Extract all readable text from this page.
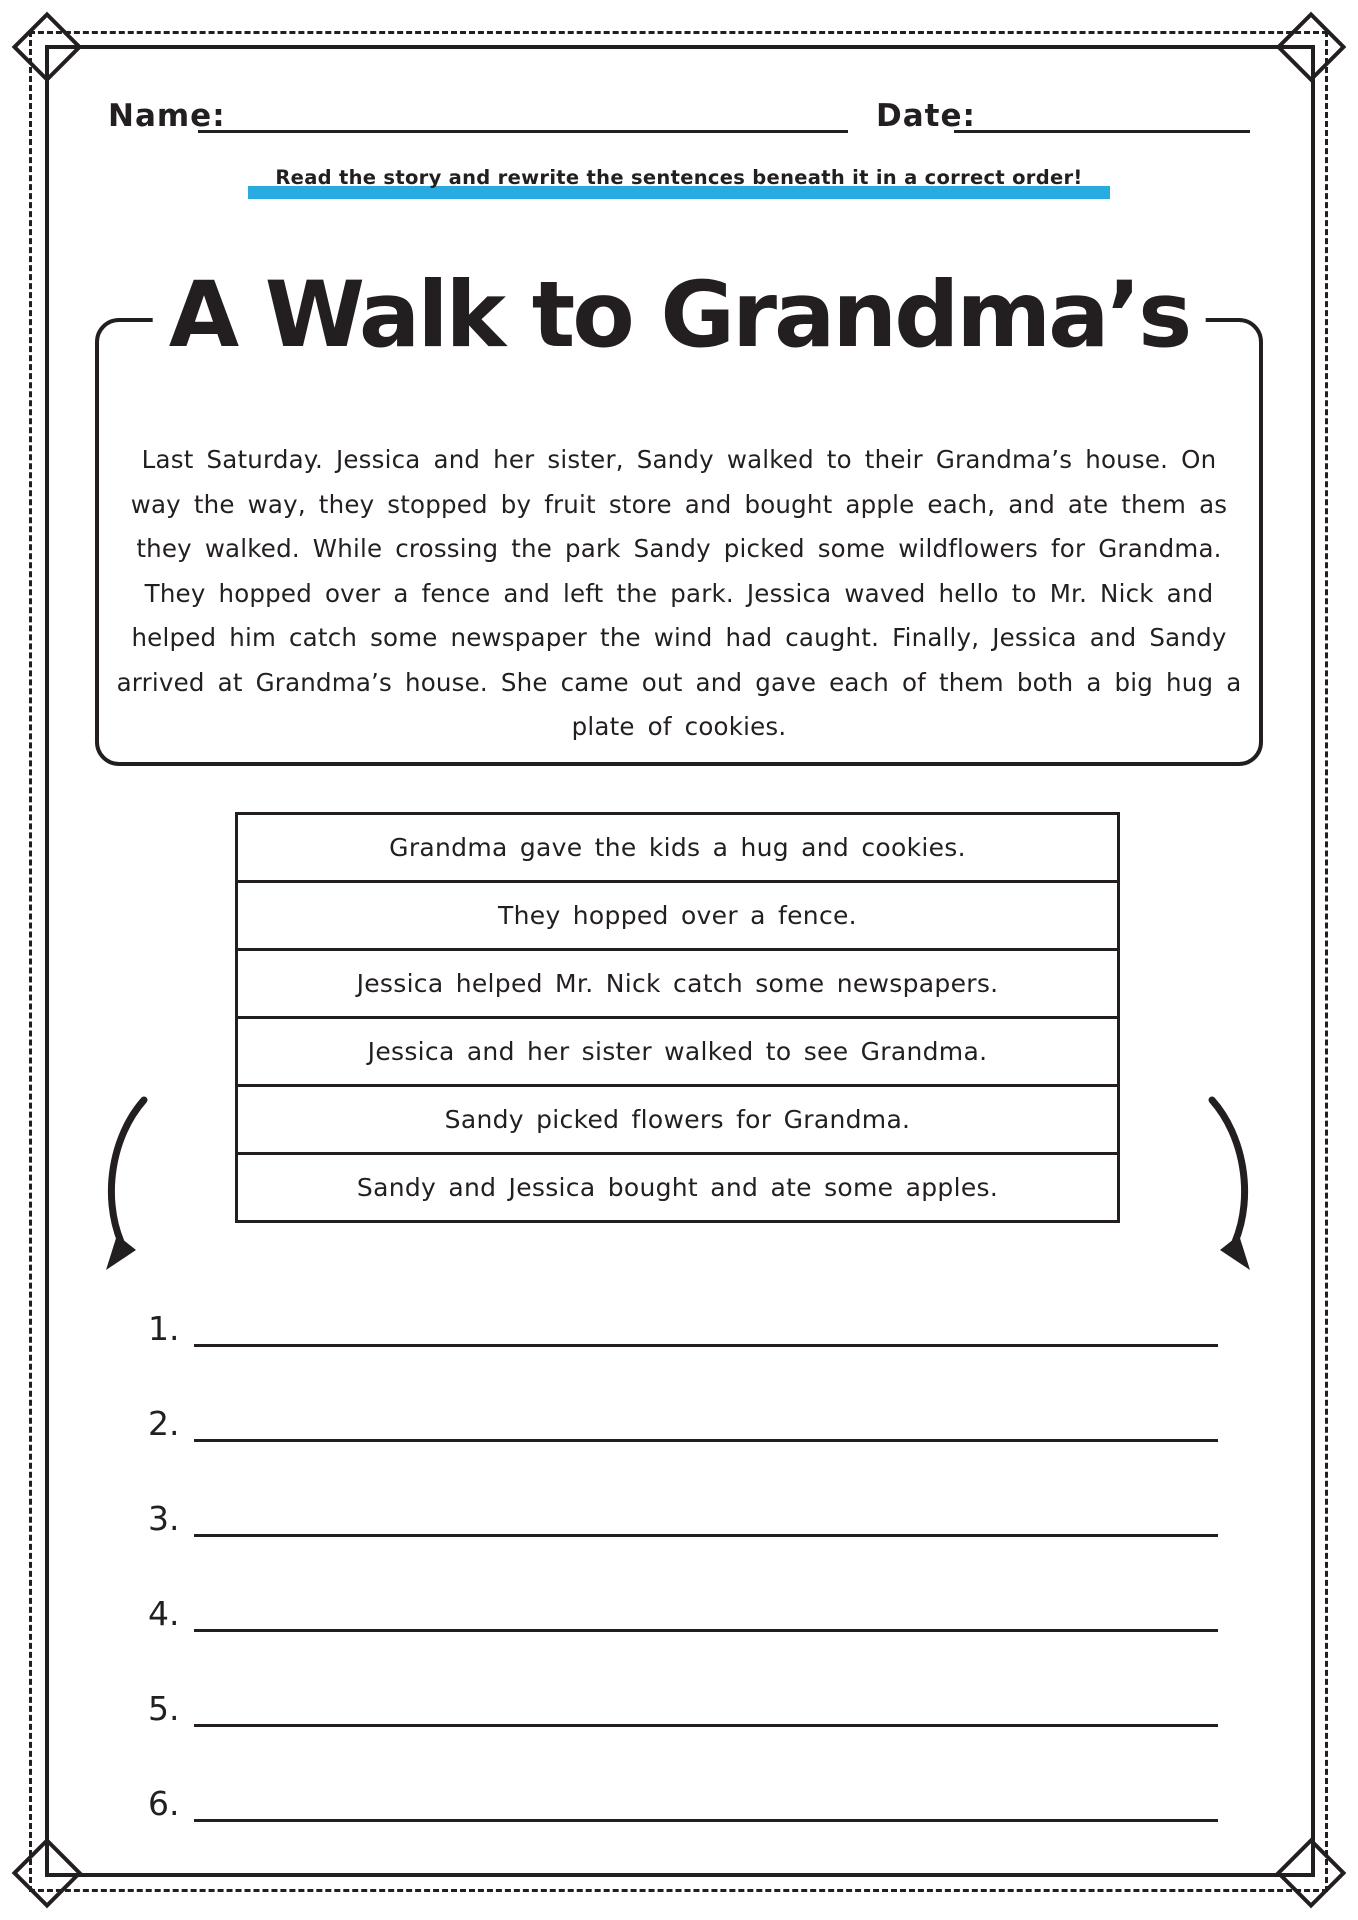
Name:	Date:
Read the story and rewrite the sentences beneath it in a correct order!
A Walk to Grandma’s
Last Saturday. Jessica and her sister, Sandy walked to their Grandma’s house. On
way the way, they stopped by fruit store and bought apple each, and ate them as
they walked. While crossing the park Sandy picked some wildflowers for Grandma.
They hopped over a fence and left the park. Jessica waved hello to Mr. Nick and
helped him catch some newspaper the wind had caught. Finally, Jessica and Sandy
arrived at Grandma’s house. She came out and gave each of them both a big hug a
plate of cookies.
Grandma gave the kids a hug and cookies.
They hopped over a fence.
Jessica helped Mr. Nick catch some newspapers.
Jessica and her sister walked to see Grandma.
Sandy picked flowers for Grandma.
Sandy and Jessica bought and ate some apples.
1.
2.
3.
4.
5.
6.
